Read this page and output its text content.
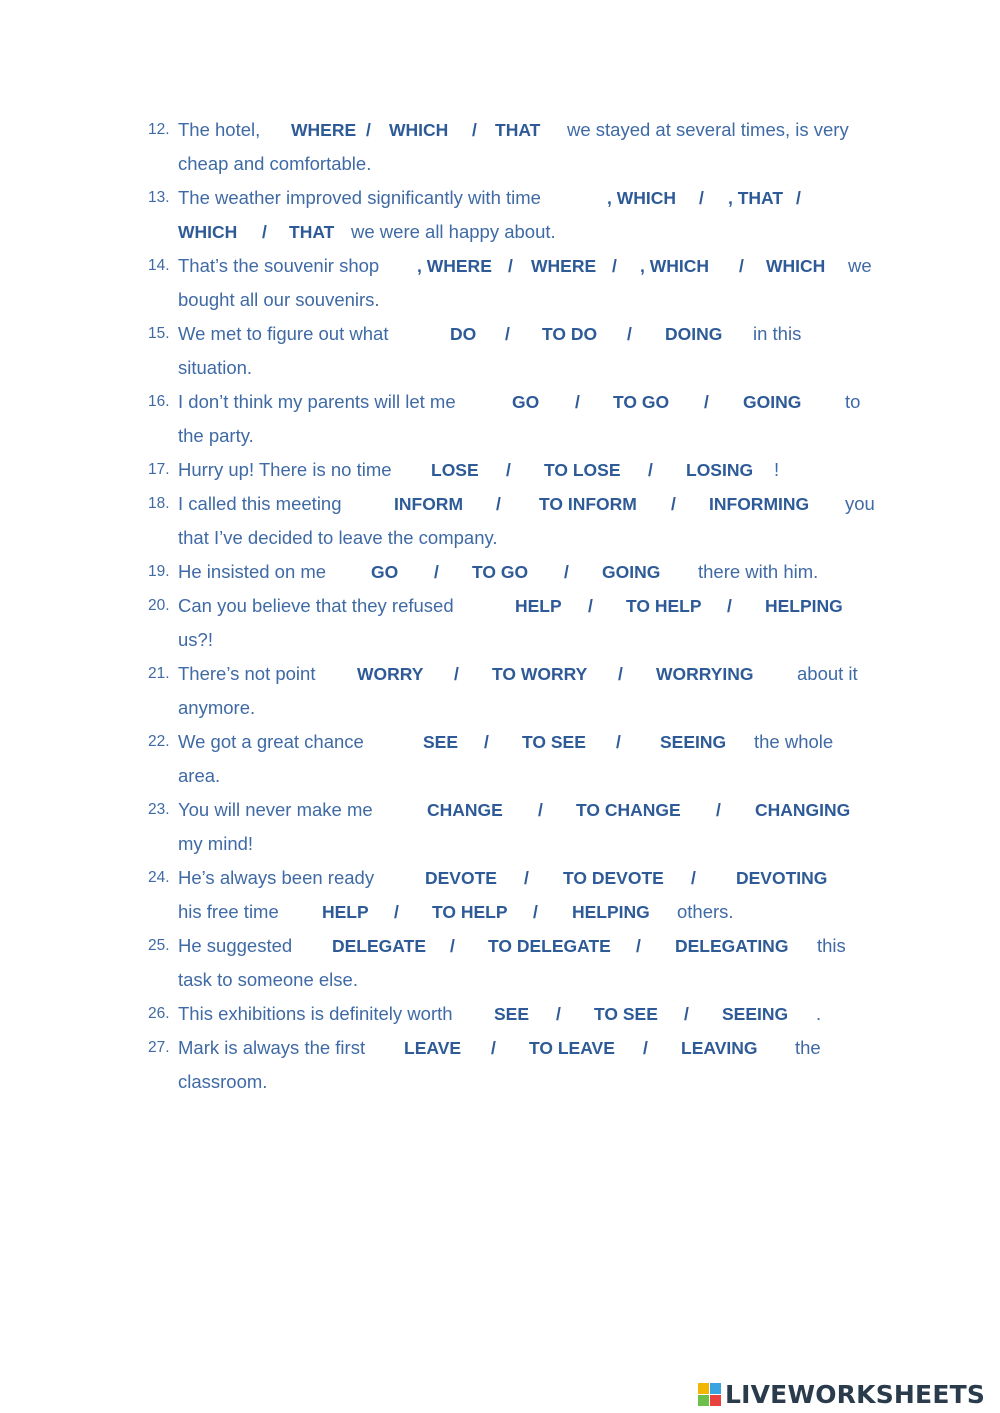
12. The hotel, WHERE / WHICH / THAT we stayed at several times, is very
cheap and comfortable.
13. The weather improved significantly with time	, WHICH / , THAT /
WHICH / THAT we were all happy about.
14. That’s the souvenir shop , WHERE / WHERE / , WHICH / WHICH we
bought all our souvenirs.
15. We met to figure out what	DO / TO DO / DOING in this
situation.
16. I don’t think my parents will let me	GO / TO GO / GOING to
the party.
17. Hurry up! There is no time LOSE / TO LOSE / LOSING !
18. I called this meeting	INFORM / TO INFORM / INFORMING you
that I’ve decided to leave the company.
19. He insisted on me	GO / TO GO / GOING there with him.
20. Can you believe that they refused	HELP / TO HELP / HELPING
us?!
21. There’s not point WORRY / TO WORRY / WORRYING about it
anymore.
22. We got a great chance	SEE / TO SEE / SEEING the whole
area.
23. You will never make me	CHANGE / TO CHANGE / CHANGING
my mind!
24. He’s always been ready	DEVOTE / TO DEVOTE / DEVOTING
his free time HELP / TO HELP / HELPING others.
25. He suggested DELEGATE / TO DELEGATE / DELEGATING this
task to someone else.
26. This exhibitions is definitely worth SEE / TO SEE / SEEING .
27. Mark is always the first LEAVE / TO LEAVE / LEAVING the
classroom.
LIVEWORKSHEETS
